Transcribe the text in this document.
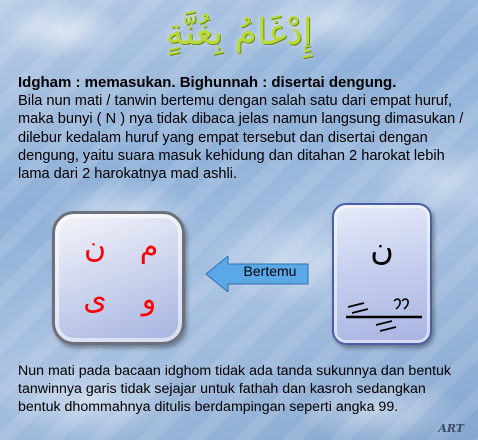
إِدْغَامُ بِغُنَّةٍ
Idgham : memasukan. Bighunnah : disertai dengung.
Bila nun mati / tanwin bertemu dengan salah satu dari empat huruf, maka bunyi ( N ) nya tidak dibaca jelas namun langsung dimasukan / dilebur kedalam huruf yang empat tersebut dan disertai dengan dengung, yaitu suara masuk kehidung dan ditahan 2 harokat lebih lama dari 2 harokatnya mad ashli.
ن	م
ى	و
Bertemu
ن
Nun mati pada bacaan idghom tidak ada tanda sukunnya dan bentuk tanwinnya garis tidak sejajar untuk fathah dan kasroh sedangkan bentuk dhommahnya ditulis berdampingan seperti angka 99.
ART
